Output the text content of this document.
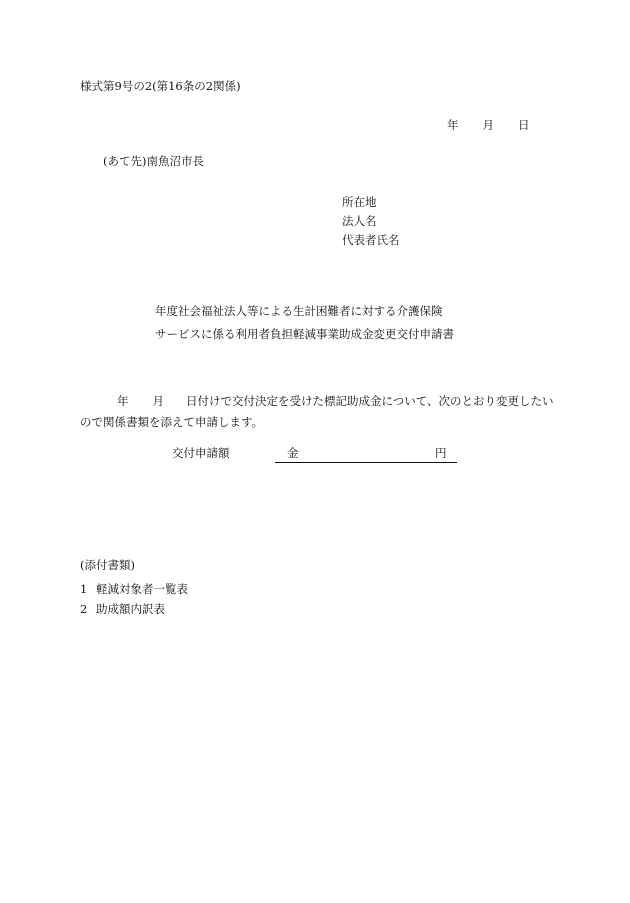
様式第9号の2(第16条の2関係)
年 月 日
(あて先)南魚沼市長
所在地
法人名
代表者氏名
年度社会福祉法人等による生計困難者に対する介護保険
サービスに係る利用者負担軽減事業助成金変更交付申請書
年 月 日付けで交付決定を受けた標記助成金について、次のとおり変更したい
ので関係書類を添えて申請します。
交付申請額	金	円
(添付書類)
1 軽減対象者一覧表
2 助成額内訳表
